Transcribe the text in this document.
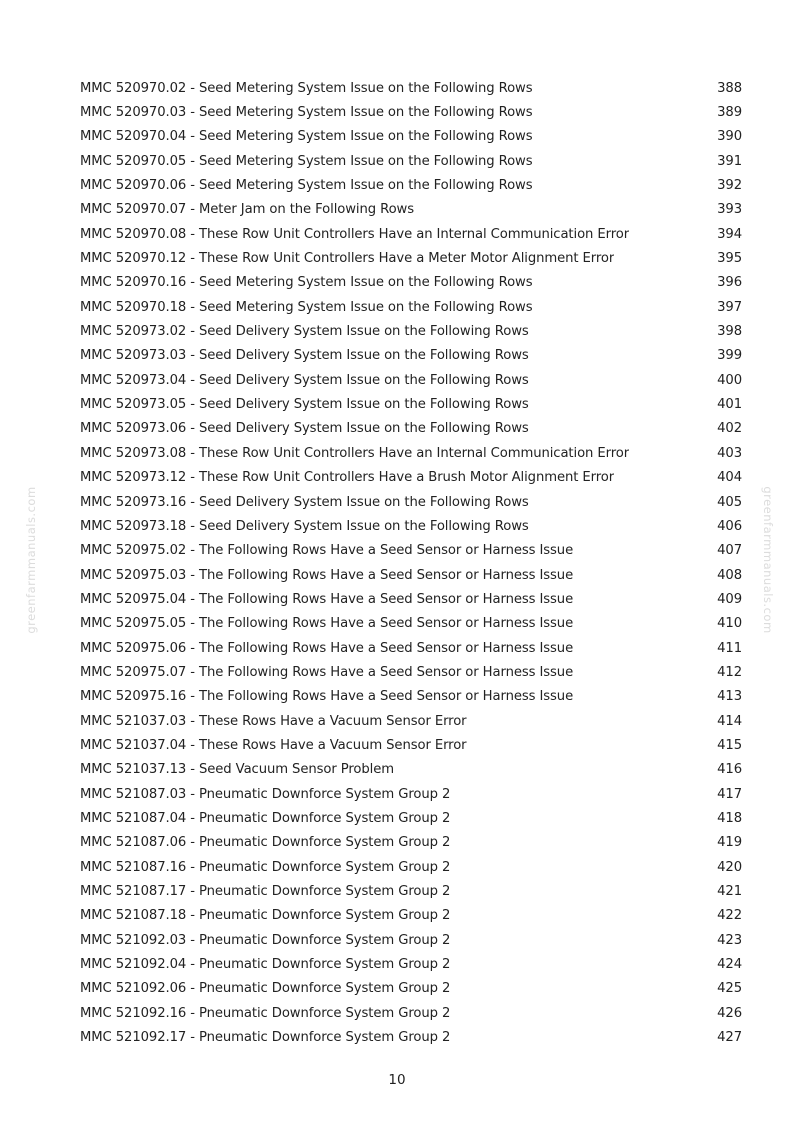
greenfarmmanuals.com	greenfarmmanuals.com
MMC 520970.02 - Seed Metering System Issue on the Following Rows	388
MMC 520970.03 - Seed Metering System Issue on the Following Rows	389
MMC 520970.04 - Seed Metering System Issue on the Following Rows	390
MMC 520970.05 - Seed Metering System Issue on the Following Rows	391
MMC 520970.06 - Seed Metering System Issue on the Following Rows	392
MMC 520970.07 - Meter Jam on the Following Rows	393
MMC 520970.08 - These Row Unit Controllers Have an Internal Communication Error	394
MMC 520970.12 - These Row Unit Controllers Have a Meter Motor Alignment Error	395
MMC 520970.16 - Seed Metering System Issue on the Following Rows	396
MMC 520970.18 - Seed Metering System Issue on the Following Rows	397
MMC 520973.02 - Seed Delivery System Issue on the Following Rows	398
MMC 520973.03 - Seed Delivery System Issue on the Following Rows	399
MMC 520973.04 - Seed Delivery System Issue on the Following Rows	400
MMC 520973.05 - Seed Delivery System Issue on the Following Rows	401
MMC 520973.06 - Seed Delivery System Issue on the Following Rows	402
MMC 520973.08 - These Row Unit Controllers Have an Internal Communication Error	403
MMC 520973.12 - These Row Unit Controllers Have a Brush Motor Alignment Error	404
MMC 520973.16 - Seed Delivery System Issue on the Following Rows	405
MMC 520973.18 - Seed Delivery System Issue on the Following Rows	406
MMC 520975.02 - The Following Rows Have a Seed Sensor or Harness Issue	407
MMC 520975.03 - The Following Rows Have a Seed Sensor or Harness Issue	408
MMC 520975.04 - The Following Rows Have a Seed Sensor or Harness Issue	409
MMC 520975.05 - The Following Rows Have a Seed Sensor or Harness Issue	410
MMC 520975.06 - The Following Rows Have a Seed Sensor or Harness Issue	411
MMC 520975.07 - The Following Rows Have a Seed Sensor or Harness Issue	412
MMC 520975.16 - The Following Rows Have a Seed Sensor or Harness Issue	413
MMC 521037.03 - These Rows Have a Vacuum Sensor Error	414
MMC 521037.04 - These Rows Have a Vacuum Sensor Error	415
MMC 521037.13 - Seed Vacuum Sensor Problem	416
MMC 521087.03 - Pneumatic Downforce System Group 2	417
MMC 521087.04 - Pneumatic Downforce System Group 2	418
MMC 521087.06 - Pneumatic Downforce System Group 2	419
MMC 521087.16 - Pneumatic Downforce System Group 2	420
MMC 521087.17 - Pneumatic Downforce System Group 2	421
MMC 521087.18 - Pneumatic Downforce System Group 2	422
MMC 521092.03 - Pneumatic Downforce System Group 2	423
MMC 521092.04 - Pneumatic Downforce System Group 2	424
MMC 521092.06 - Pneumatic Downforce System Group 2	425
MMC 521092.16 - Pneumatic Downforce System Group 2	426
MMC 521092.17 - Pneumatic Downforce System Group 2	427
10
